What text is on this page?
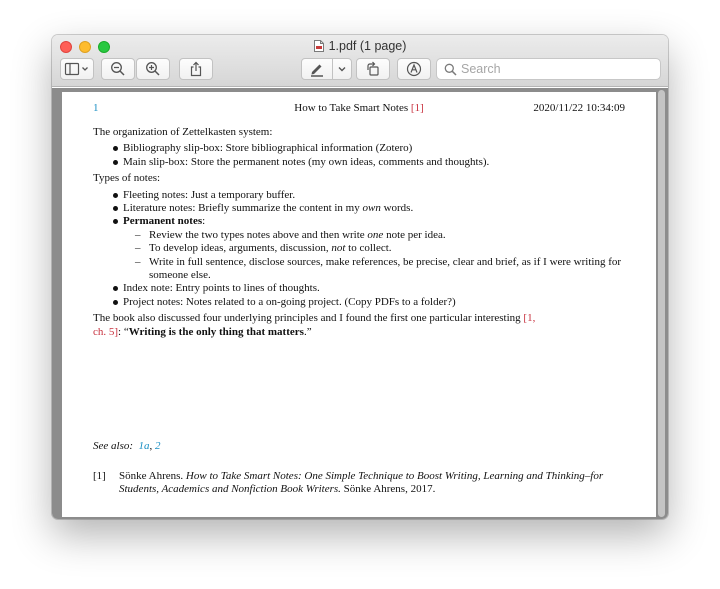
1.pdf (1 page)
Search
How to Take Smart Notes [1]
1	2020/11/22 10:34:09

The organization of Zettelkasten system:

Bibliography slip-box: Store bibliographical information (Zotero)
Main slip-box: Store the permanent notes (my own ideas, comments and thoughts).

Types of notes:

Fleeting notes: Just a temporary buffer.
Literature notes: Briefly summarize the content in my own words.
Permanent notes:
– Review the two types notes above and then write one note per idea.
– To develop ideas, arguments, discussion, not to collect.
– Write in full sentence, disclose sources, make references, be precise, clear and brief, as if I were writing for someone else.
Index note: Entry points to lines of thoughts.
Project notes: Notes related to a on-going project. (Copy PDFs to a folder?)

The book also discussed four underlying principles and I found the first one particular interesting [1,
ch. 5]: “Writing is the only thing that matters.”

See also: 1a, 2
[1]	Sönke Ahrens. How to Take Smart Notes: One Simple Technique to Boost Writing, Learning and Thinking–for Students, Academics and Nonfiction Book Writers. Sönke Ahrens, 2017.
